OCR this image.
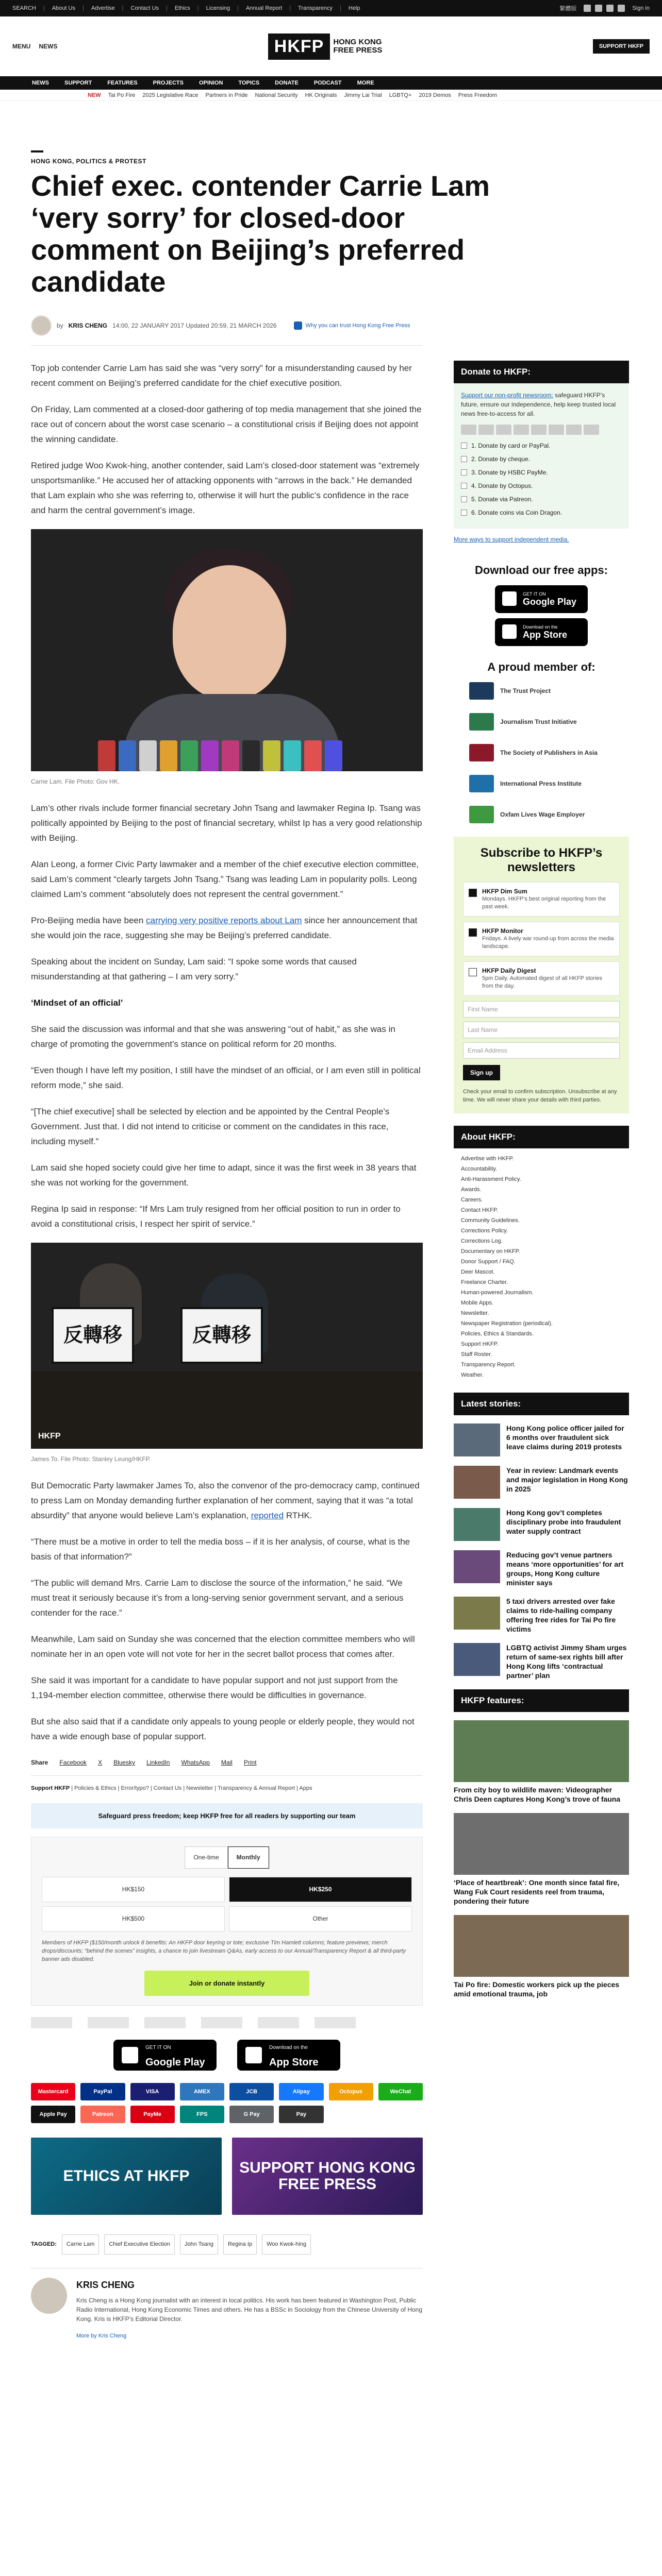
SEARCH | About Us | Advertise | Contact Us | Ethics | Licensing | Annual Report | Transparency | Help	繁體版	Sign in
MENU NEWS	HKFP	HONG KONG
FREE PRESS	SUPPORT HKFP
NEWS	SUPPORT	FEATURES	PROJECTS	OPINION	TOPICS	DONATE	PODCAST	MORE
NEW Tai Po Fire 2025 Legislative Race Partners in Pride National Security HK Originals Jimmy Lai Trial LGBTQ+ 2019 Demos Press Freedom
HONG KONG, POLITICS & PROTEST
Chief exec. contender Carrie Lam ‘very sorry’ for closed-door comment on Beijing’s preferred candidate
by KRIS CHENG 14:00, 22 JANUARY 2017 Updated 20:59, 21 MARCH 2026	Why you can trust Hong Kong Free Press

Top job contender Carrie Lam has said she was “very sorry” for a misunderstanding caused by her recent comment on Beijing’s preferred candidate for the chief executive position.

On Friday, Lam commented at a closed-door gathering of top media management that she joined the race out of concern about the worst case scenario – a constitutional crisis if Beijing does not appoint the winning candidate.

Retired judge Woo Kwok-hing, another contender, said Lam’s closed-door statement was “extremely unsportsmanlike.” He accused her of attacking opponents with “arrows in the back.” He demanded that Lam explain who she was referring to, otherwise it will hurt the public’s confidence in the race and harm the central government’s image.

Carrie Lam. File Photo: Gov HK.

Lam’s other rivals include former financial secretary John Tsang and lawmaker Regina Ip. Tsang was politically appointed by Beijing to the post of financial secretary, whilst Ip has a very good relationship with Beijing.

Alan Leong, a former Civic Party lawmaker and a member of the chief executive election committee, said Lam’s comment “clearly targets John Tsang.” Tsang was leading Lam in popularity polls. Leong claimed Lam’s comment “absolutely does not represent the central government.”

Pro-Beijing media have been carrying very positive reports about Lam since her announcement that she would join the race, suggesting she may be Beijing’s preferred candidate.

Speaking about the incident on Sunday, Lam said: “I spoke some words that caused misunderstanding at that gathering – I am very sorry.”

‘Mindset of an official’

She said the discussion was informal and that she was answering “out of habit,” as she was in charge of promoting the government’s stance on political reform for 20 months.

“Even though I have left my position, I still have the mindset of an official, or I am even still in political reform mode,” she said.

“[The chief executive] shall be selected by election and be appointed by the Central People’s Government. Just that. I did not intend to criticise or comment on the candidates in this race, including myself.”

Lam said she hoped society could give her time to adapt, since it was the first week in 38 years that she was not working for the government.

Regina Ip said in response: “If Mrs Lam truly resigned from her official position to run in order to avoid a constitutional crisis, I respect her spirit of service.”

反轉移	反轉移
HKFP
James To. File Photo: Stanley Leung/HKFP.

But Democratic Party lawmaker James To, also the convenor of the pro-democracy camp, continued to press Lam on Monday demanding further explanation of her comment, saying that it was “a total absurdity” that anyone would believe Lam’s explanation, reported RTHK.

“There must be a motive in order to tell the media boss – if it is her analysis, of course, what is the basis of that information?”

“The public will demand Mrs. Carrie Lam to disclose the source of the information,” he said. “We must treat it seriously because it’s from a long-serving senior government servant, and a serious contender for the race.”

Meanwhile, Lam said on Sunday she was concerned that the election committee members who will nominate her in an open vote will not vote for her in the secret ballot process that comes after.

She said it was important for a candidate to have popular support and not just support from the 1,194-member election committee, otherwise there would be difficulties in governance.

But she also said that if a candidate only appeals to young people or elderly people, they would not have a wide enough base of popular support.

Share Facebook X Bluesky LinkedIn WhatsApp Mail Print
Support HKFP | Policies & Ethics | Error/typo? | Contact Us | Newsletter | Transparency & Annual Report | Apps
Safeguard press freedom; keep HKFP free for all readers by supporting our team
One-time	Monthly
HK$150	HK$250
HK$500	Other
Members of HKFP ($150/month unlock 8 benefits: An HKFP door keyring or tote; exclusive Tim Hamlett columns; feature previews; merch drops/discounts; “behind the scenes” insights, a chance to join livestream Q&As, early access to our Annual/Transparency Report & all third-party banner ads disabled.
Join or donate instantly
GET IT ON
Google Play
Download on the
App Store
Mastercard	PayPal	VISA	AMEX	JCB	Alipay	Octopus	WeChat
Apple Pay	Patreon	PayMe	FPS	G Pay	Pay
ETHICS AT HKFP	SUPPORT HONG KONG FREE PRESS
TAGGED:	Carrie Lam	Chief Executive Election	John Tsang	Regina Ip	Woo Kwok-hing
KRIS CHENG
Kris Cheng is a Hong Kong journalist with an interest in local politics. His work has been featured in Washington Post, Public Radio International, Hong Kong Economic Times and others. He has a BSSc in Sociology from the Chinese University of Hong Kong. Kris is HKFP’s Editorial Director.
More by Kris Cheng
Donate to HKFP:
Support our non-profit newsroom: safeguard HKFP’s future, ensure our independence, help keep trusted local news free-to-access for all.
1. Donate by card or PayPal.
2. Donate by cheque.
3. Donate by HSBC PayMe.
4. Donate by Octopus.
5. Donate via Patreon.
6. Donate coins via Coin Dragon.
More ways to support independent media.
Download our free apps:
GET IT ON
Google Play
Download on the
App Store
A proud member of:
The Trust Project
Journalism Trust Initiative
The Society of Publishers in Asia
International Press Institute
Oxfam Lives Wage Employer
Subscribe to HKFP’s newsletters
HKFP Dim Sum
Mondays. HKFP’s best original reporting from the past week.
HKFP Monitor
Fridays. A lively war round-up from across the media landscape.
HKFP Daily Digest
5pm Daily. Automated digest of all HKFP stories from the day.
First Name
Last Name
Email Address
Sign up
Check your email to confirm subscription. Unsubscribe at any time. We will never share your details with third parties.
About HKFP:
Advertise with HKFP.
Accountability.
Anti-Harassment Policy.
Awards.
Careers.
Contact HKFP.
Community Guidelines.
Corrections Policy.
Corrections Log.
Documentary on HKFP.
Donor Support / FAQ.
Deer Mascot.
Freelance Charter.
Human-powered Journalism.
Mobile Apps.
Newsletter.
Newspaper Registration (periodical).
Policies, Ethics & Standards.
Support HKFP.
Staff Roster.
Transparency Report.
Weather.
Latest stories:
Hong Kong police officer jailed for 6 months over fraudulent sick leave claims during 2019 protests
Year in review: Landmark events and major legislation in Hong Kong in 2025
Hong Kong gov’t completes disciplinary probe into fraudulent water supply contract
Reducing gov’t venue partners means ‘more opportunities’ for art groups, Hong Kong culture minister says
5 taxi drivers arrested over fake claims to ride-hailing company offering free rides for Tai Po fire victims
LGBTQ activist Jimmy Sham urges return of same-sex rights bill after Hong Kong lifts ‘contractual partner’ plan
HKFP features:
From city boy to wildlife maven: Videographer Chris Deen captures Hong Kong’s trove of fauna
‘Place of heartbreak’: One month since fatal fire, Wang Fuk Court residents reel from trauma, pondering their future
Tai Po fire: Domestic workers pick up the pieces amid emotional trauma, job
